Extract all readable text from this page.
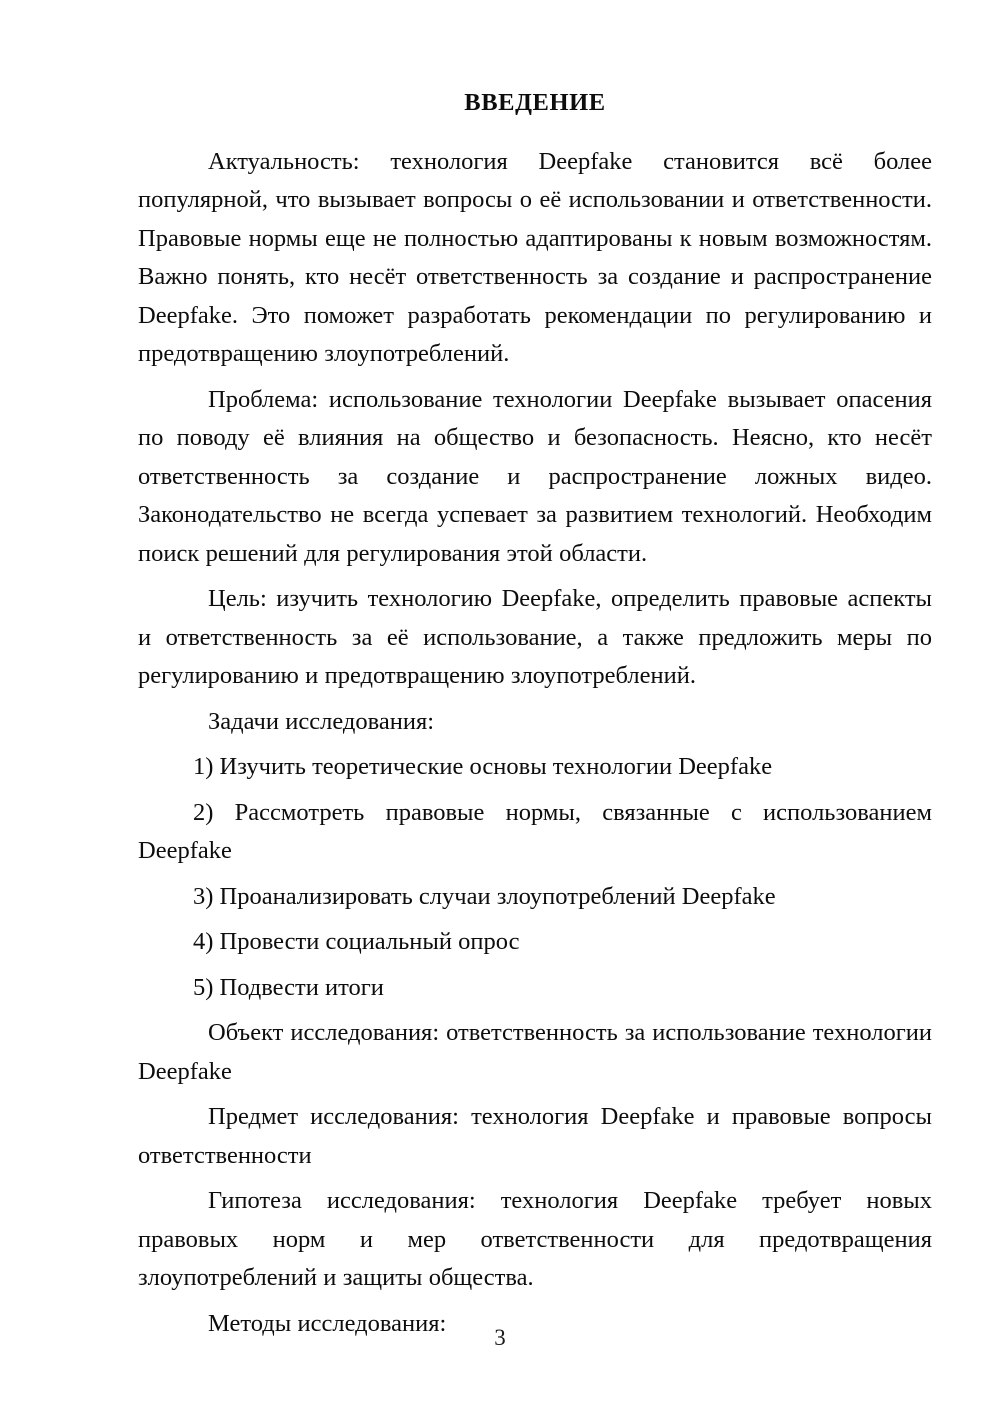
ВВЕДЕНИЕ

Актуальность: технология Deepfake становится всё более популярной, что вызывает вопросы о её использовании и ответственности. Правовые нормы еще не полностью адаптированы к новым возможностям. Важно понять, кто несёт ответственность за создание и распространение Deepfake. Это поможет разработать рекомендации по регулированию и предотвращению злоупотреблений.

Проблема: использование технологии Deepfake вызывает опасения по поводу её влияния на общество и безопасность. Неясно, кто несёт ответственность за создание и распространение ложных видео. Законодательство не всегда успевает за развитием технологий. Необходим поиск решений для регулирования этой области.

Цель: изучить технологию Deepfake, определить правовые аспекты и ответственность за её использование, а также предложить меры по регулированию и предотвращению злоупотреблений.

Задачи исследования:

1) Изучить теоретические основы технологии Deepfake

2) Рассмотреть правовые нормы, связанные с использованием Deepfake

3) Проанализировать случаи злоупотреблений Deepfake

4) Провести социальный опрос

5) Подвести итоги

Объект исследования: ответственность за использование технологии Deepfake

Предмет исследования: технология Deepfake и правовые вопросы ответственности

Гипотеза исследования: технология Deepfake требует новых правовых норм и мер ответственности для предотвращения злоупотреблений и защиты общества.

Методы исследования:

3
